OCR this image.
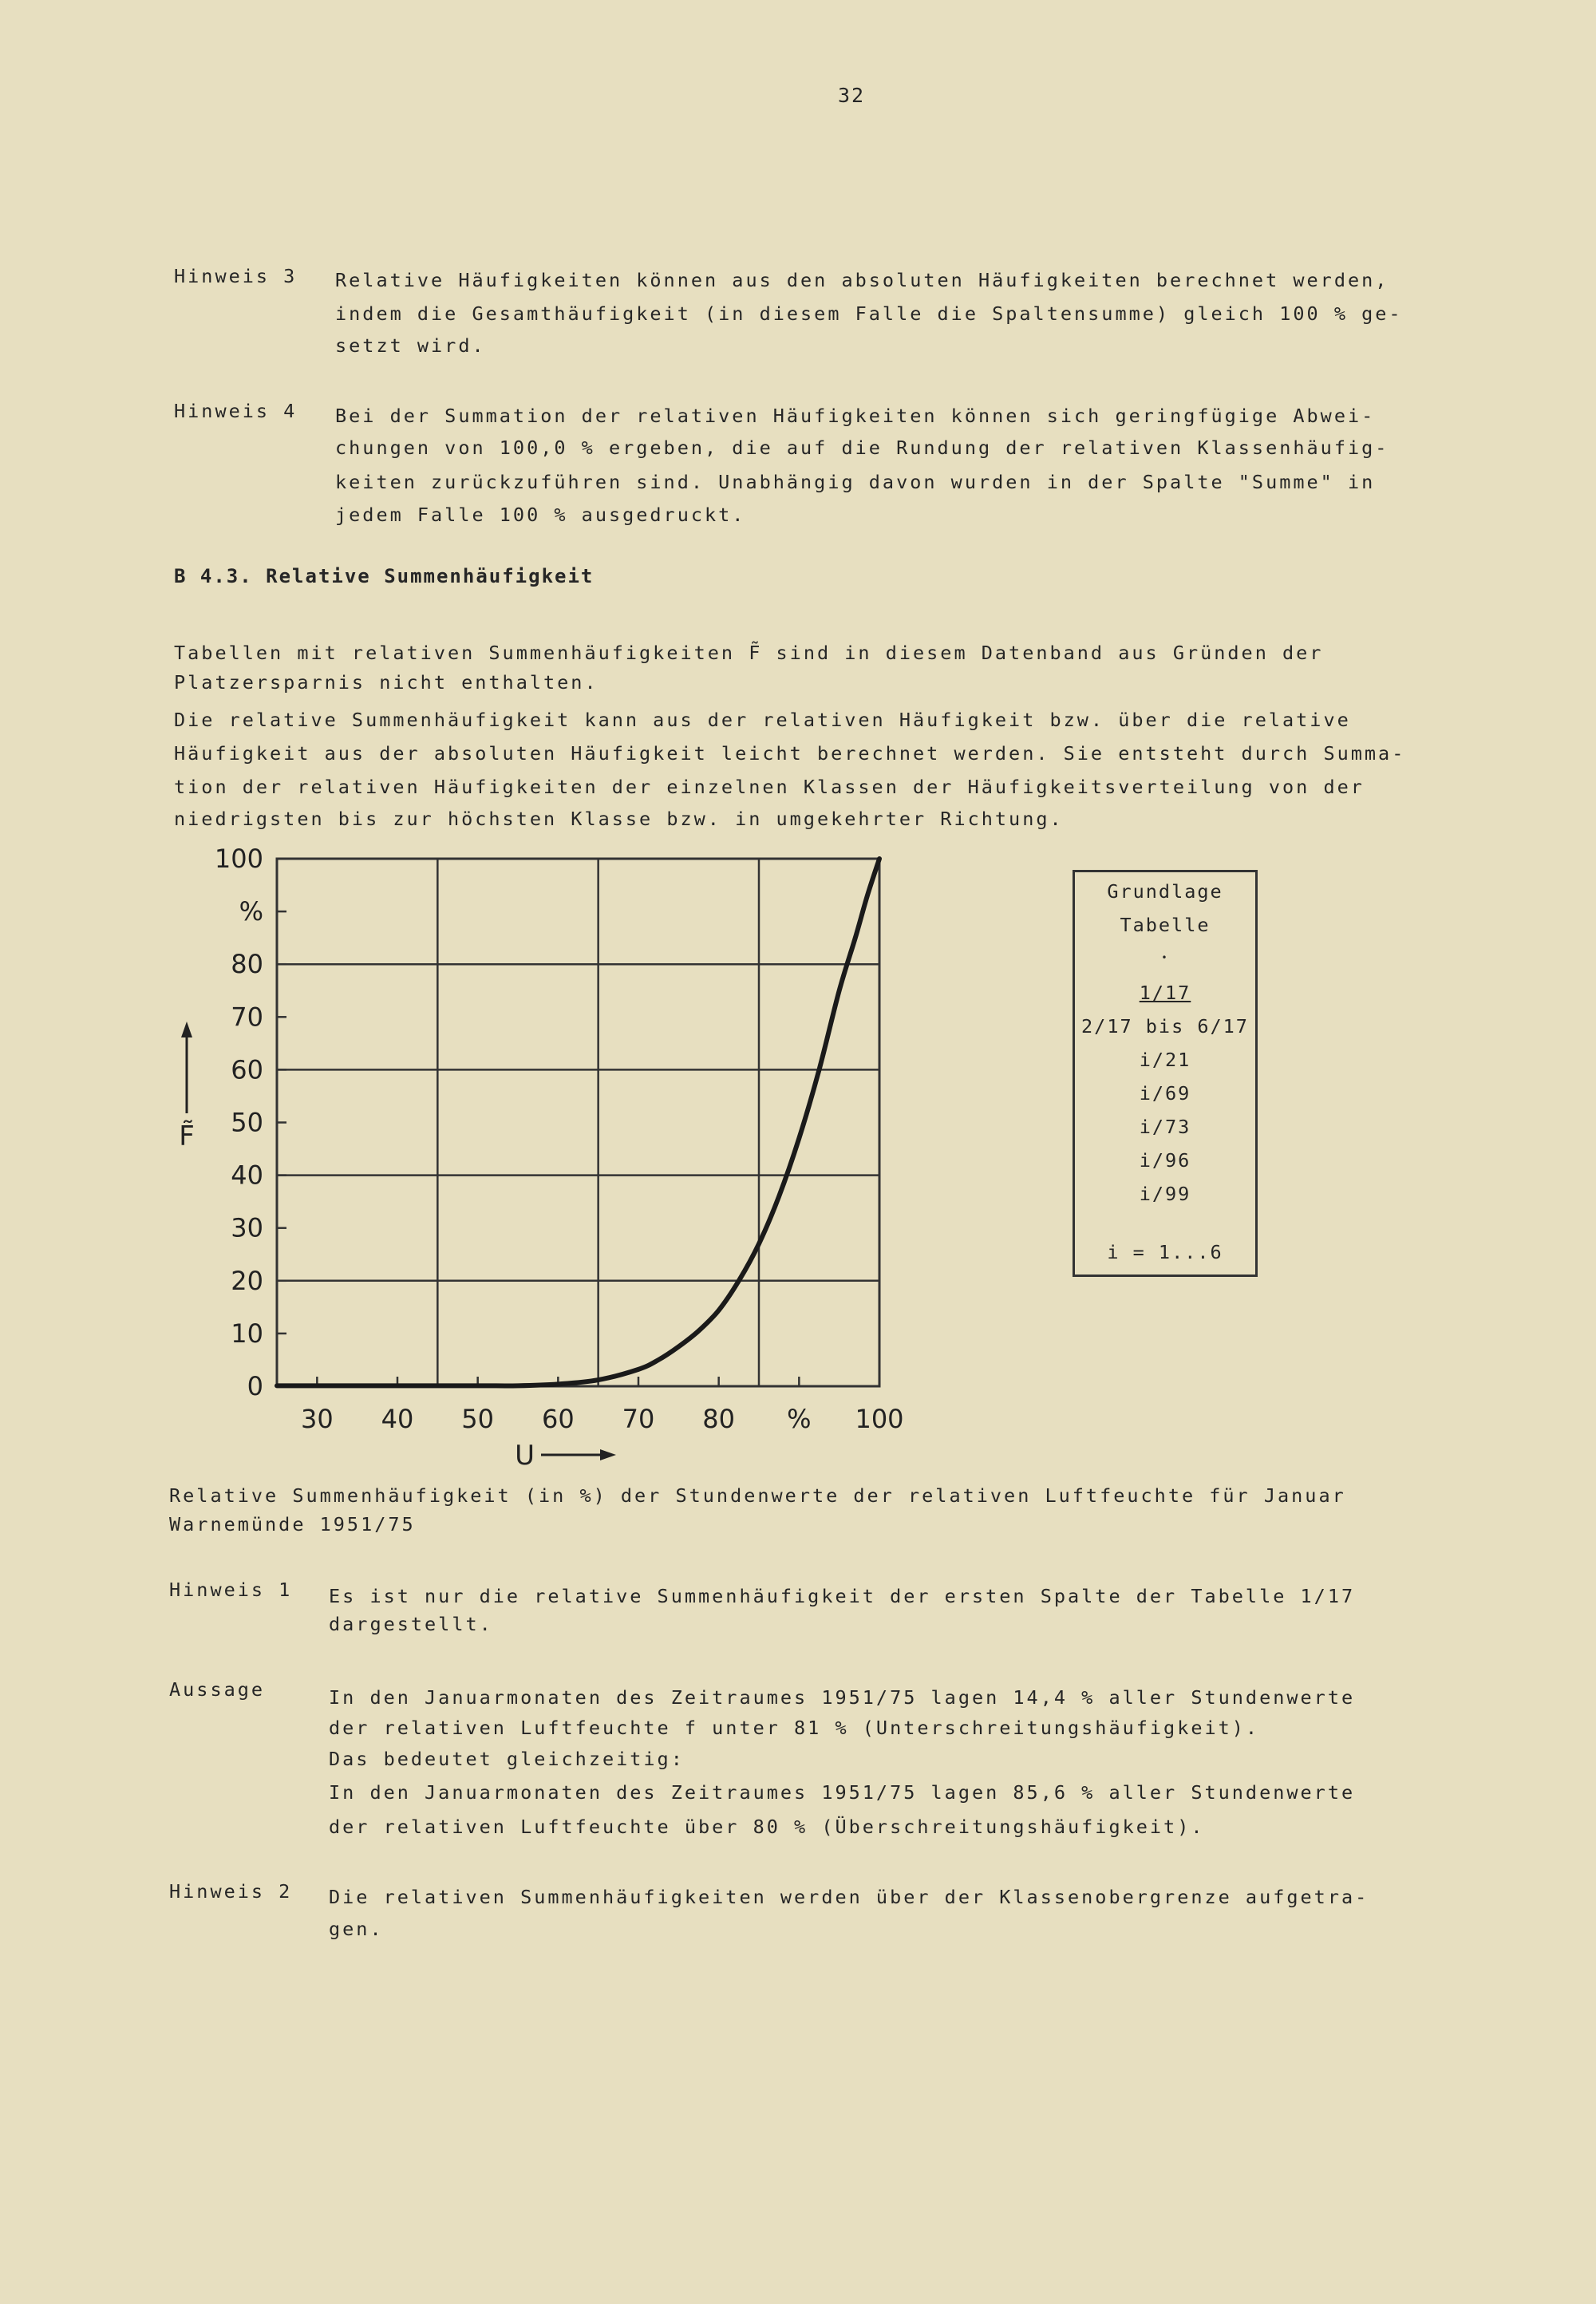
32
Hinweis 3 Relative Häufigkeiten können aus den absoluten Häufigkeiten berechnet werden,
indem die Gesamthäufigkeit (in diesem Falle die Spaltensumme) gleich 100 % ge-
setzt wird.
Hinweis 4 Bei der Summation der relativen Häufigkeiten können sich geringfügige Abwei-
chungen von 100,0 % ergeben, die auf die Rundung der relativen Klassenhäufig-
keiten zurückzuführen sind. Unabhängig davon wurden in der Spalte "Summe" in
jedem Falle 100 % ausgedruckt.
B 4.3. Relative Summenhäufigkeit
Tabellen mit relativen Summenhäufigkeiten F̃ sind in diesem Datenband aus Gründen der
Platzersparnis nicht enthalten.
Die relative Summenhäufigkeit kann aus der relativen Häufigkeit bzw. über die relative
Häufigkeit aus der absoluten Häufigkeit leicht berechnet werden. Sie entsteht durch Summa-
tion der relativen Häufigkeiten der einzelnen Klassen der Häufigkeitsverteilung von der
niedrigsten bis zur höchsten Klasse bzw. in umgekehrter Richtung.
0
10
20
30
40
50
60
70
80
%
100
30 40 50 60 70 80 % 100
F̃
U
Grundlage
Tabelle
•
1/17
2/17 bis 6/17
i/21
i/69
i/73
i/96
i/99
i = 1...6
Relative Summenhäufigkeit (in %) der Stundenwerte der relativen Luftfeuchte für Januar
Warnemünde 1951/75
Hinweis 1 Es ist nur die relative Summenhäufigkeit der ersten Spalte der Tabelle 1/17
dargestellt.
Aussage	In den Januarmonaten des Zeitraumes 1951/75 lagen 14,4 % aller Stundenwerte
der relativen Luftfeuchte f unter 81 % (Unterschreitungshäufigkeit).
Das bedeutet gleichzeitig:
In den Januarmonaten des Zeitraumes 1951/75 lagen 85,6 % aller Stundenwerte
der relativen Luftfeuchte über 80 % (Überschreitungshäufigkeit).
Hinweis 2 Die relativen Summenhäufigkeiten werden über der Klassenobergrenze aufgetra-
gen.
